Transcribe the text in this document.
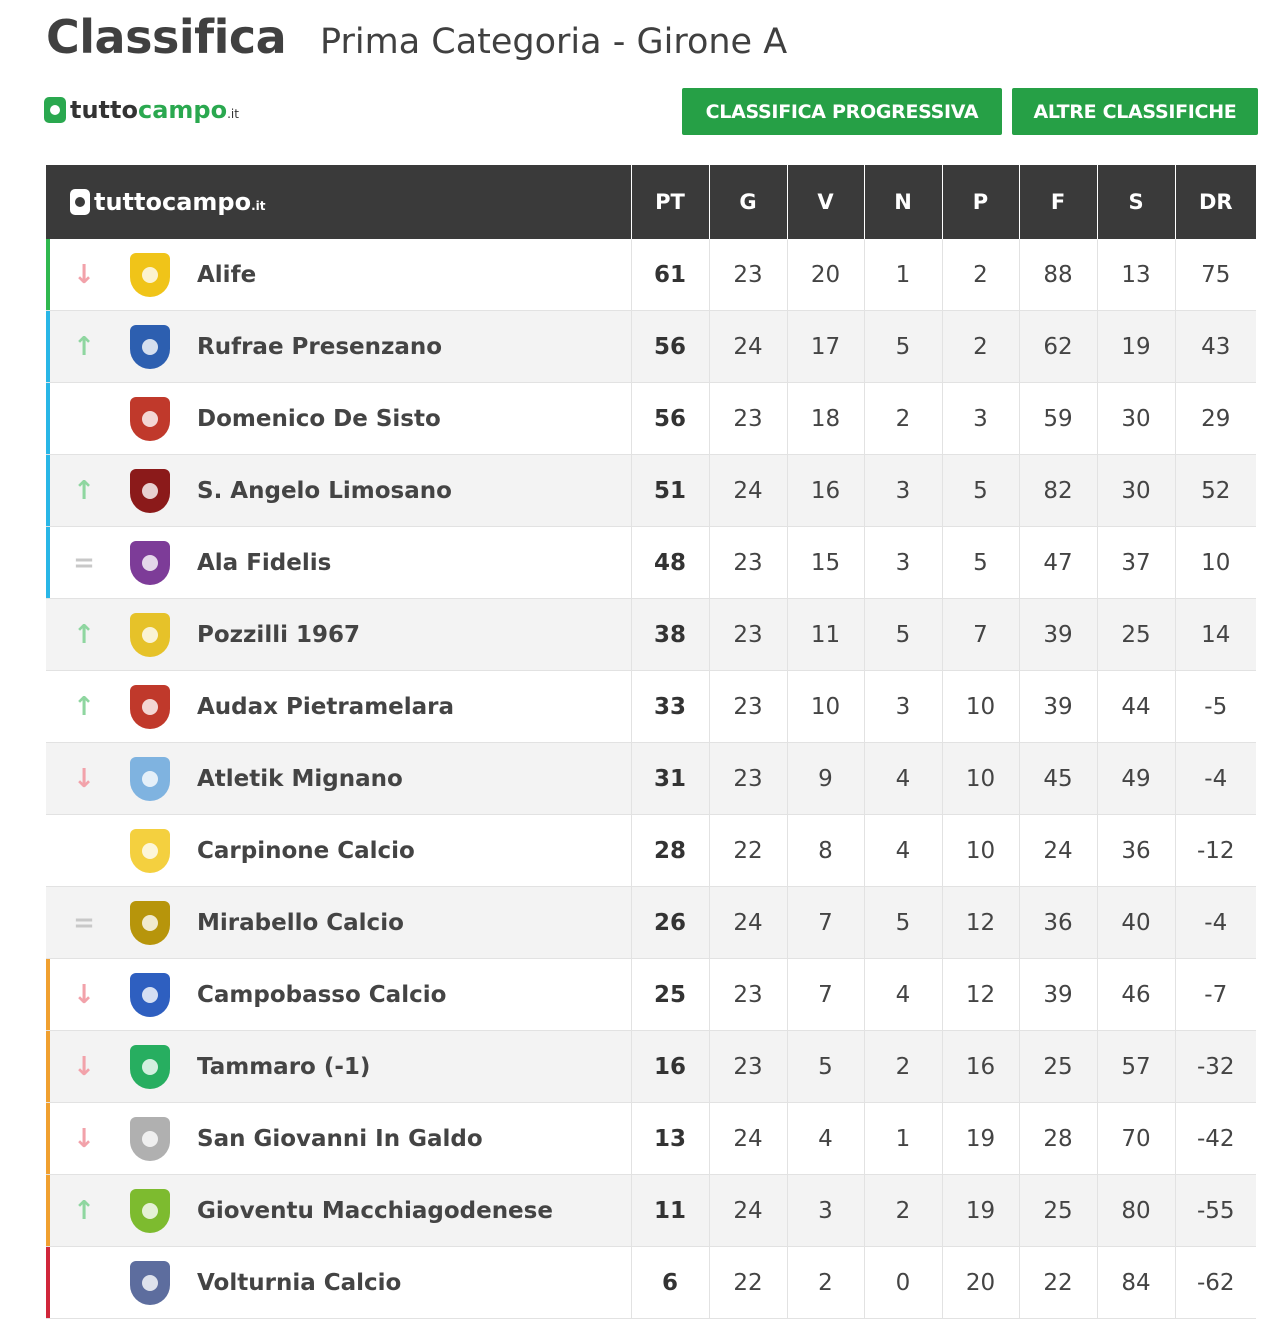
Classifica Prima Categoria - Girone A
tutto campo .it	CLASSIFICA PROGRESSIVA	ALTRE CLASSIFICHE
tuttocampo .it	PT	G	V	N	P	F	S	DR

↓ Alife	61	23	20	1	2	88	13	75

↑ Rufrae Presenzano	56	24	17	5	2	62	19	43

Domenico De Sisto	56	23	18	2	3	59	30	29

↑ S. Angelo Limosano	51	24	16	3	5	82	30	52

= Ala Fidelis	48	23	15	3	5	47	37	10

↑ Pozzilli 1967	38	23	11	5	7	39	25	14

↑ Audax Pietramelara	33	23	10	3	10	39	44	-5

↓ Atletik Mignano	31	23	9	4	10	45	49	-4

Carpinone Calcio	28	22	8	4	10	24	36	-12

= Mirabello Calcio	26	24	7	5	12	36	40	-4

↓ Campobasso Calcio	25	23	7	4	12	39	46	-7

↓ Tammaro (-1)	16	23	5	2	16	25	57	-32

↓ San Giovanni In Galdo	13	24	4	1	19	28	70	-42

↑ Gioventu Macchiagodenese	11	24	3	2	19	25	80	-55

Volturnia Calcio	6	22	2	0	20	22	84	-62
